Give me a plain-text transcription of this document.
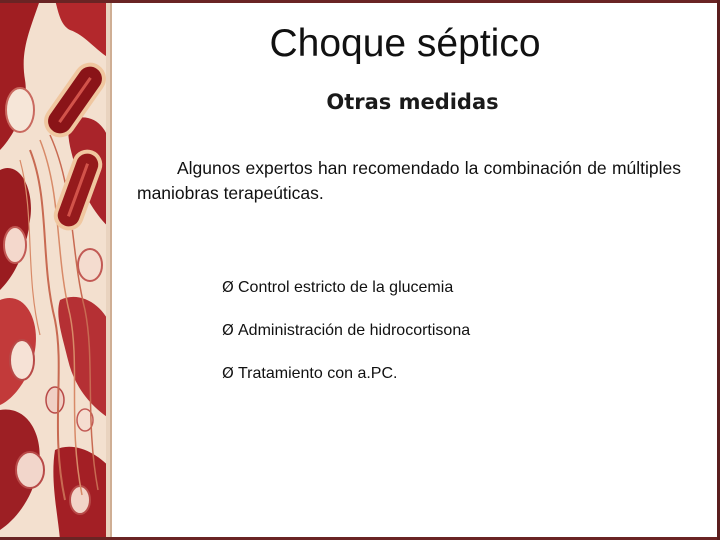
Choque séptico
Otras medidas

Algunos expertos han recomendado la combinación de múltiples maniobras terapeúticas.

Ø Control estricto de la glucemia
Ø Administración de hidrocortisona
Ø Tratamiento con a.PC.
